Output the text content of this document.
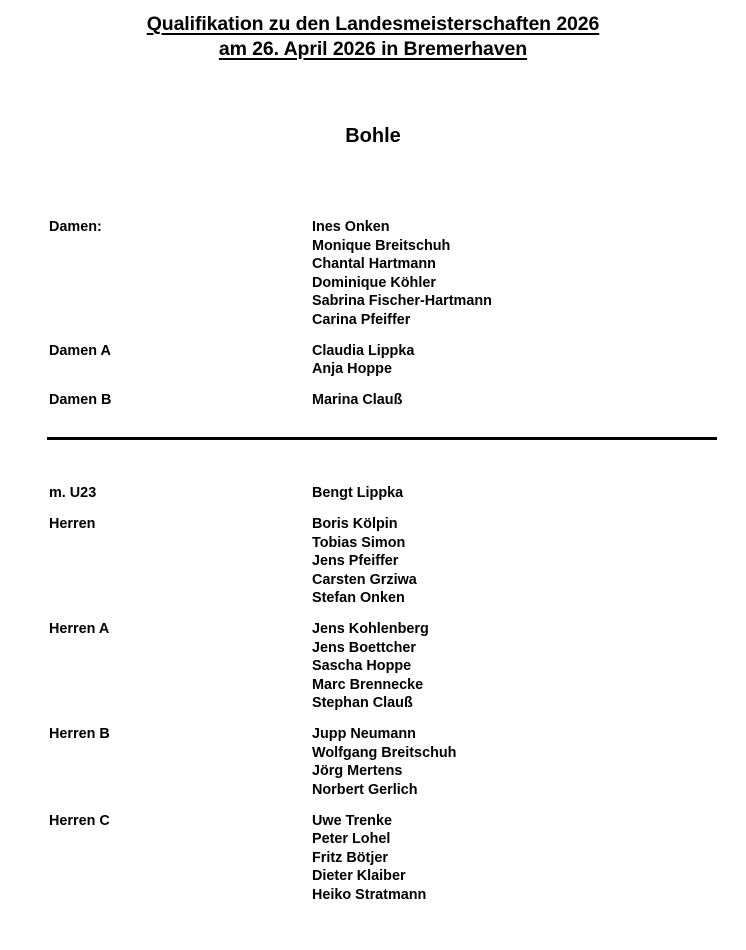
Qualifikation zu den Landesmeisterschaften 2026
am 26. April 2026 in Bremerhaven
Bohle
Damen:	Ines Onken
Monique Breitschuh
Chantal Hartmann
Dominique Köhler
Sabrina Fischer-Hartmann
Carina Pfeiffer
Damen A	Claudia Lippka
Anja Hoppe
Damen B	Marina Clauß
m. U23	Bengt Lippka
Herren	Boris Kölpin
Tobias Simon
Jens Pfeiffer
Carsten Grziwa
Stefan Onken
Herren A	Jens Kohlenberg
Jens Boettcher
Sascha Hoppe
Marc Brennecke
Stephan Clauß
Herren B	Jupp Neumann
Wolfgang Breitschuh
Jörg Mertens
Norbert Gerlich
Herren C	Uwe Trenke
Peter Lohel
Fritz Bötjer
Dieter Klaiber
Heiko Stratmann
